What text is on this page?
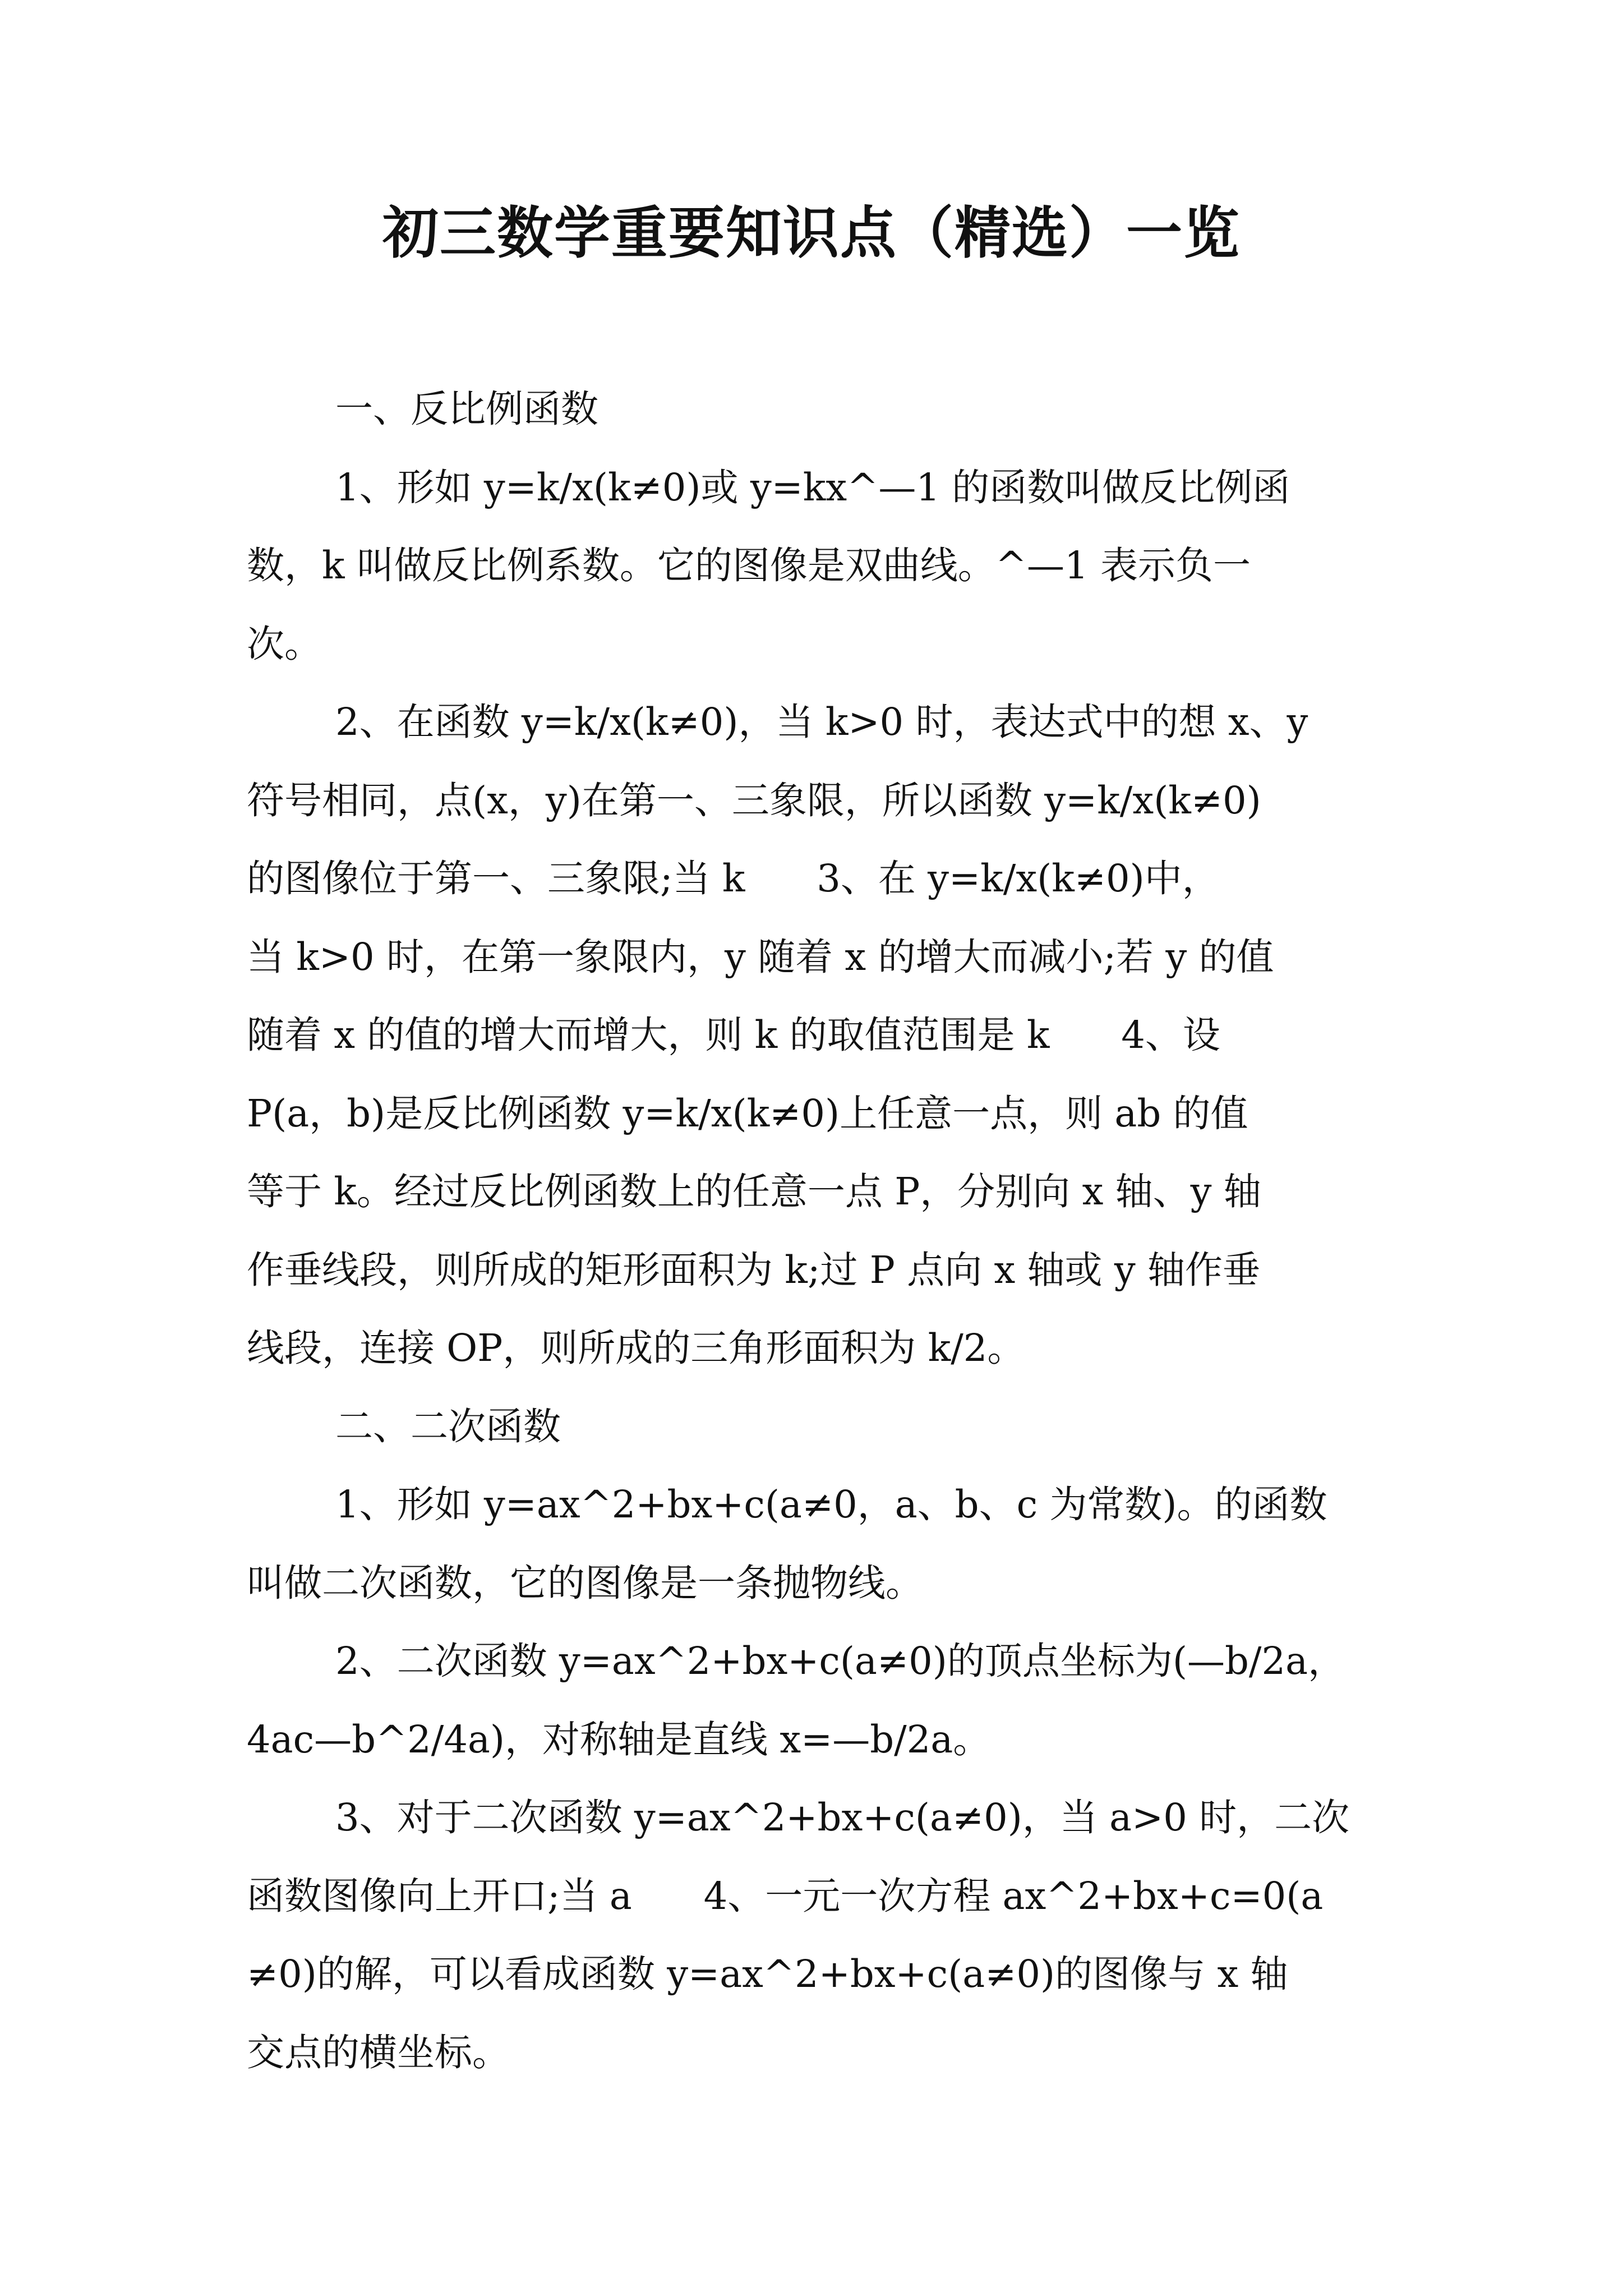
初三数学重要知识点（精选）一览
一、反比例函数
1、形如 y=k/x(k≠0)或 y=kx^—1 的函数叫做反比例函
数，k 叫做反比例系数。它的图像是双曲线。^—1 表示负一
次。
2、在函数 y=k/x(k≠0)，当 k>0 时，表达式中的想 x、y
符号相同，点(x，y)在第一、三象限，所以函数 y=k/x(k≠0)
的图像位于第一、三象限;当 k      3、在 y=k/x(k≠0)中，
当 k>0 时，在第一象限内，y 随着 x 的增大而减小;若 y 的值
随着 x 的值的增大而增大，则 k 的取值范围是 k      4、设
P(a，b)是反比例函数 y=k/x(k≠0)上任意一点，则 ab 的值
等于 k。经过反比例函数上的任意一点 P，分别向 x 轴、y 轴
作垂线段，则所成的矩形面积为 k;过 P 点向 x 轴或 y 轴作垂
线段，连接 OP，则所成的三角形面积为 k/2。
二、二次函数
1、形如 y=ax^2+bx+c(a≠0，a、b、c 为常数)。的函数
叫做二次函数，它的图像是一条抛物线。
2、二次函数 y=ax^2+bx+c(a≠0)的顶点坐标为(—b/2a，
4ac—b^2/4a)，对称轴是直线 x=—b/2a。
3、对于二次函数 y=ax^2+bx+c(a≠0)，当 a>0 时，二次
函数图像向上开口;当 a      4、一元一次方程 ax^2+bx+c=0(a
≠0)的解，可以看成函数 y=ax^2+bx+c(a≠0)的图像与 x 轴
交点的横坐标。
